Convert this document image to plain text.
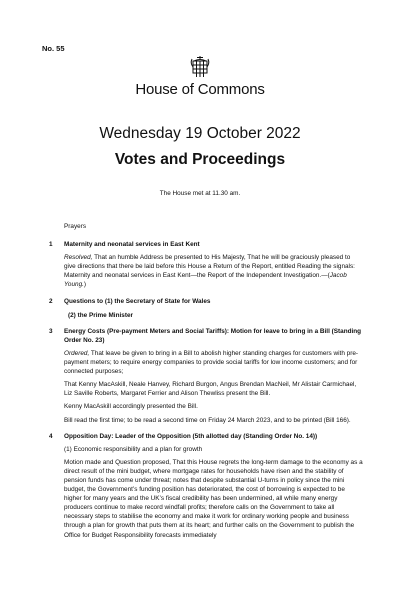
No. 55
House of Commons
Wednesday 19 October 2022
Votes and Proceedings
The House met at 11.30 am.
Prayers
1 Maternity and neonatal services in East Kent

Resolved, That an humble Address be presented to His Majesty, That he will be graciously pleased to give directions that there be laid before this House a Return of the Report, entitled Reading the signals: Maternity and neonatal services in East Kent—the Report of the Independent Investigation.—(Jacob Young.)

2 Questions to (1) the Secretary of State for Wales
(2) the Prime Minister
3 Energy Costs (Pre-payment Meters and Social Tariffs): Motion for leave to bring in a Bill (Standing Order No. 23)

Ordered, That leave be given to bring in a Bill to abolish higher standing charges for customers with pre-payment meters; to require energy companies to provide social tariffs for low income customers; and for connected purposes;

That Kenny MacAskill, Neale Hanvey, Richard Burgon, Angus Brendan MacNeil, Mr Alistair Carmichael, Liz Saville Roberts, Margaret Ferrier and Alison Thewliss present the Bill.

Kenny MacAskill accordingly presented the Bill.

Bill read the first time; to be read a second time on Friday 24 March 2023, and to be printed (Bill 166).

4 Opposition Day: Leader of the Opposition (5th allotted day (Standing Order No. 14))

(1) Economic responsibility and a plan for growth

Motion made and Question proposed, That this House regrets the long-term damage to the economy as a direct result of the mini budget, where mortgage rates for households have risen and the stability of pension funds has come under threat; notes that despite substantial U-turns in policy since the mini budget, the Government’s funding position has deteriorated, the cost of borrowing is expected to be higher for many years and the UK’s fiscal credibility has been undermined, all while many energy producers continue to make record windfall profits; therefore calls on the Government to take all necessary steps to stabilise the economy and make it work for ordinary working people and business through a plan for growth that puts them at its heart; and further calls on the Government to publish the Office for Budget Responsibility forecasts immediately
